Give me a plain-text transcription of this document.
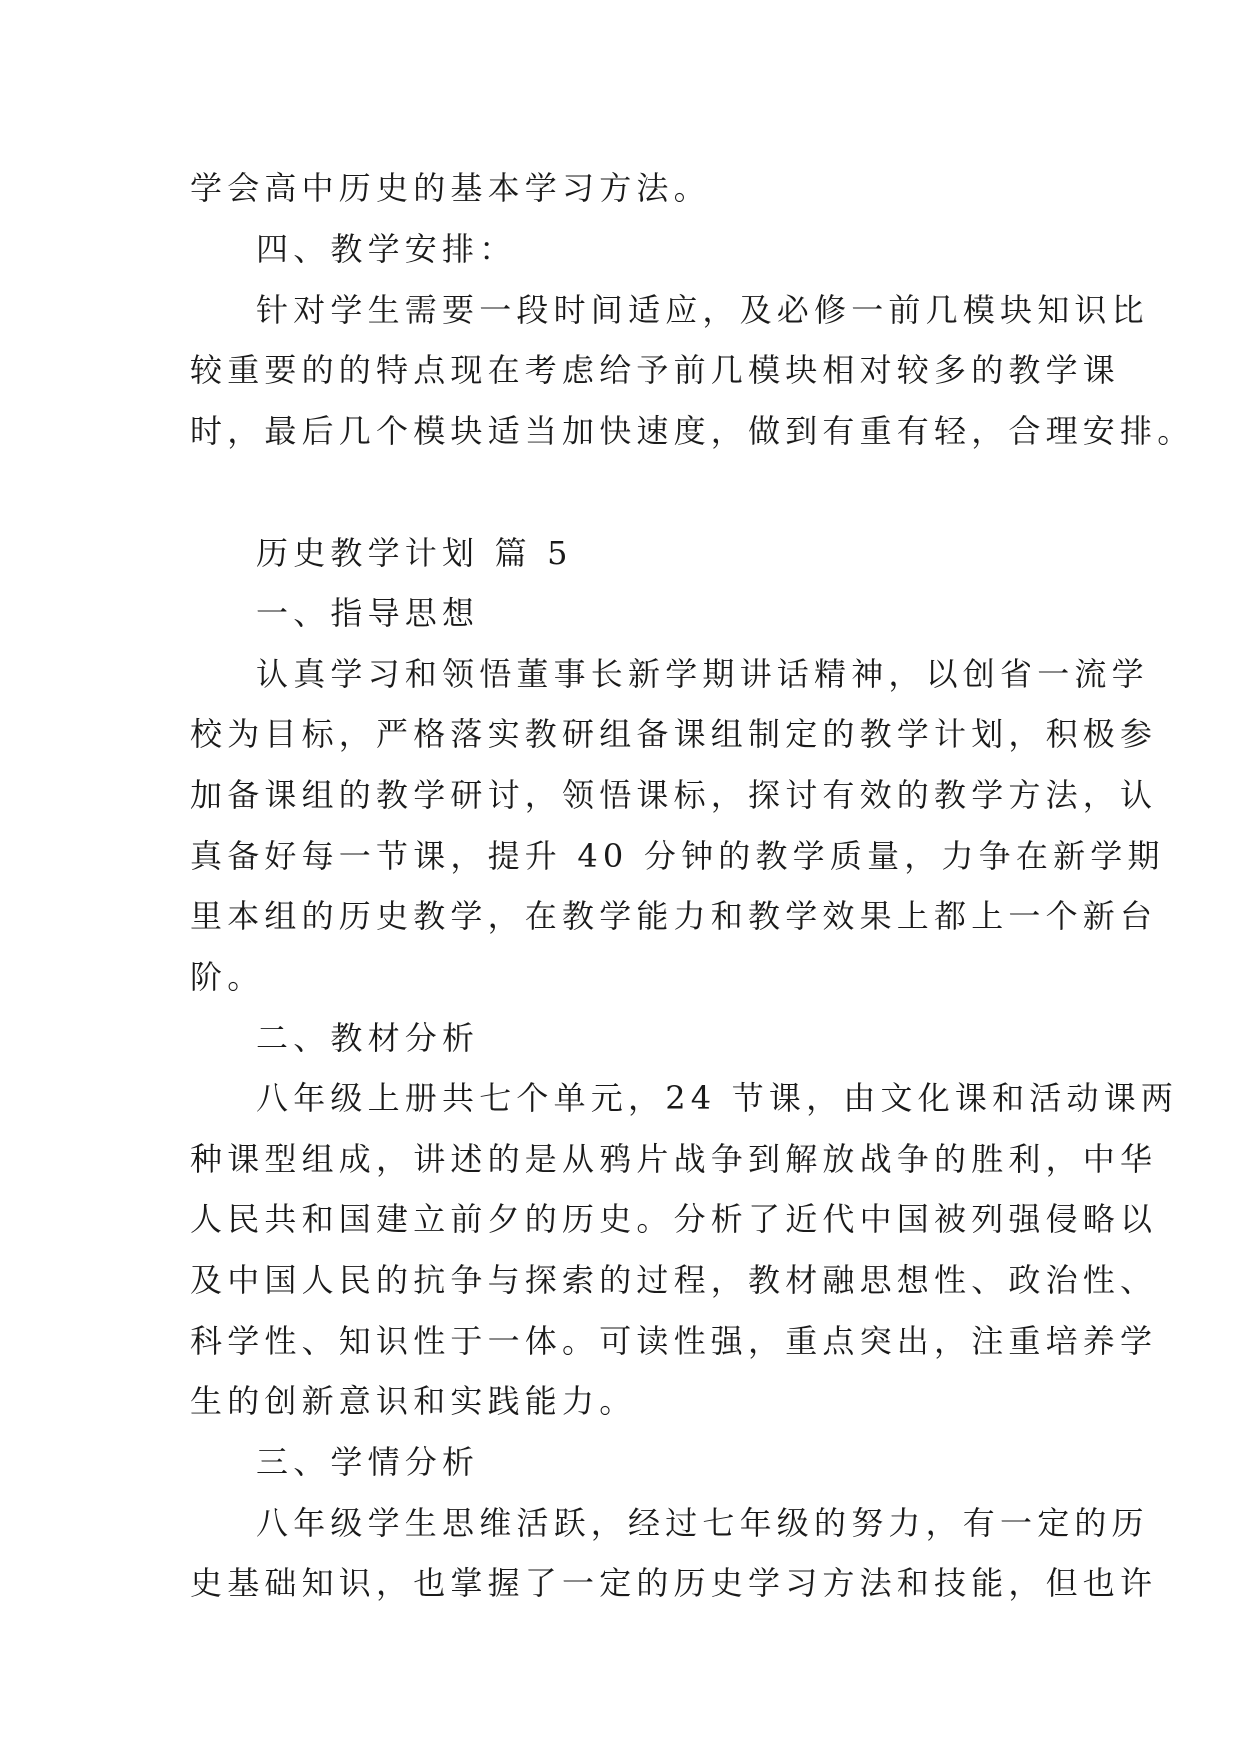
学会高中历史的基本学习方法。
四、教学安排：
针对学生需要一段时间适应，及必修一前几模块知识比
较重要的的特点现在考虑给予前几模块相对较多的教学课
时，最后几个模块适当加快速度，做到有重有轻，合理安排。
历史教学计划 篇 5
一、指导思想
认真学习和领悟董事长新学期讲话精神，以创省一流学
校为目标，严格落实教研组备课组制定的教学计划，积极参
加备课组的教学研讨，领悟课标，探讨有效的教学方法，认
真备好每一节课，提升 40 分钟的教学质量，力争在新学期
里本组的历史教学，在教学能力和教学效果上都上一个新台
阶。
二、教材分析
八年级上册共七个单元，24 节课，由文化课和活动课两
种课型组成，讲述的是从鸦片战争到解放战争的胜利，中华
人民共和国建立前夕的历史。分析了近代中国被列强侵略以
及中国人民的抗争与探索的过程，教材融思想性、政治性、
科学性、知识性于一体。可读性强，重点突出，注重培养学
生的创新意识和实践能力。
三、学情分析
八年级学生思维活跃，经过七年级的努力，有一定的历
史基础知识，也掌握了一定的历史学习方法和技能，但也许
